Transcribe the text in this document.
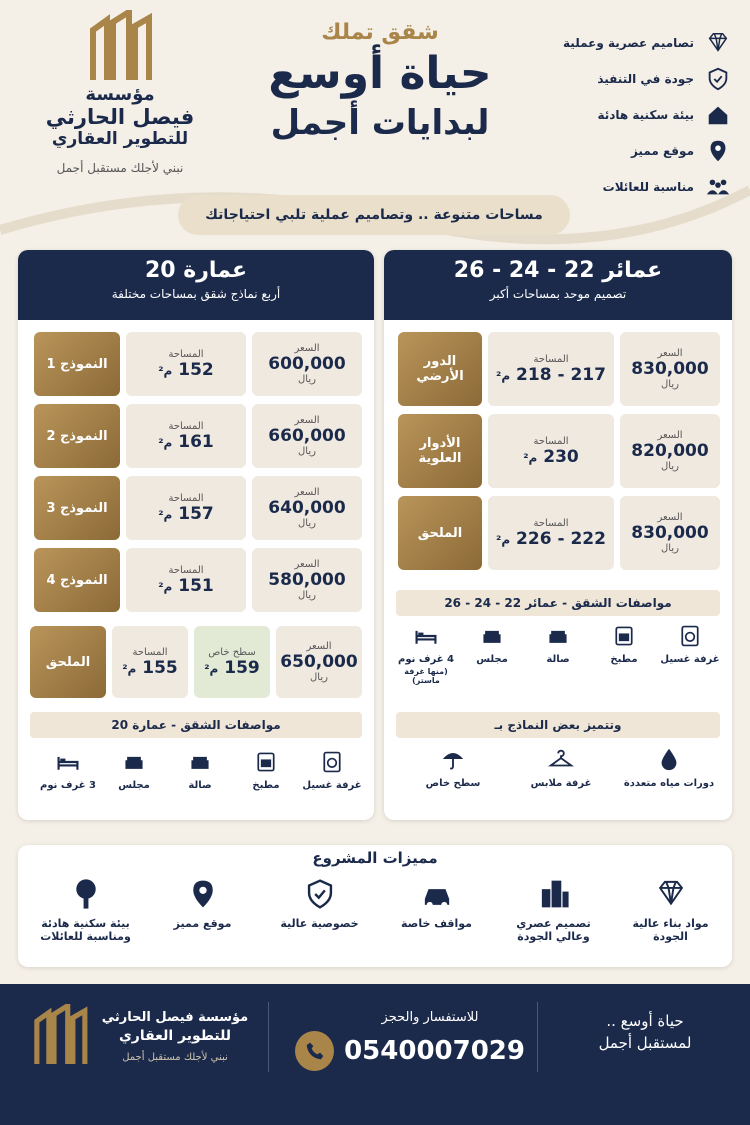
مؤسسة
فيصل الحارثي
للتطوير العقاري
نبني لأجلك مستقبل أجمل
شقق تملك
حياة أوسع
لبدايات أجمل
تصاميم عصرية وعملية
جودة في التنفيذ
بيئة سكنية هادئة
موقع مميز
مناسبة للعائلات
مساحات متنوعة .. وتصاميم عملية تلبي احتياجاتك
عمائر 22 - 24 - 26
تصميم موحد بمساحات أكبر
السعر
830,000
ريال
المساحة
217 - 218 م²
الدور الأرضي
السعر
820,000
ريال
المساحة
230 م²
الأدوار العلوية
السعر
830,000
ريال
المساحة
222 - 226 م²
الملحق
مواصفات الشقق - عمائر 22 - 24 - 26
غرفة غسيل
مطبخ
صالة
مجلس
4 غرف نوم
(منها غرفة ماستر)
وتتميز بعض النماذج بـ
دورات مياه متعددة
غرفة ملابس
سطح خاص
عمارة 20
أربع نماذج شقق بمساحات مختلفة
السعر
600,000
ريال
المساحة
152 م²
النموذج 1
السعر
660,000
ريال
المساحة
161 م²
النموذج 2
السعر
640,000
ريال
المساحة
157 م²
النموذج 3
السعر
580,000
ريال
المساحة
151 م²
النموذج 4
السعر
650,000
ريال
سطح خاص
159 م²
المساحة
155 م²
الملحق
مواصفات الشقق - عمارة 20
غرفة غسيل
مطبخ
صالة
مجلس
3 غرف نوم
مميزات المشروع
مواد بناء عالية الجودة
تصميم عصري وعالي الجودة
مواقف خاصة
خصوصية عالية
موقع مميز
بيئة سكنية هادئة ومناسبة للعائلات
حياة أوسع ..
لمستقبل أجمل
للاستفسار والحجز
0540007029
مؤسسة فيصل الحارثي
للتطوير العقاري
نبني لأجلك مستقبل أجمل
